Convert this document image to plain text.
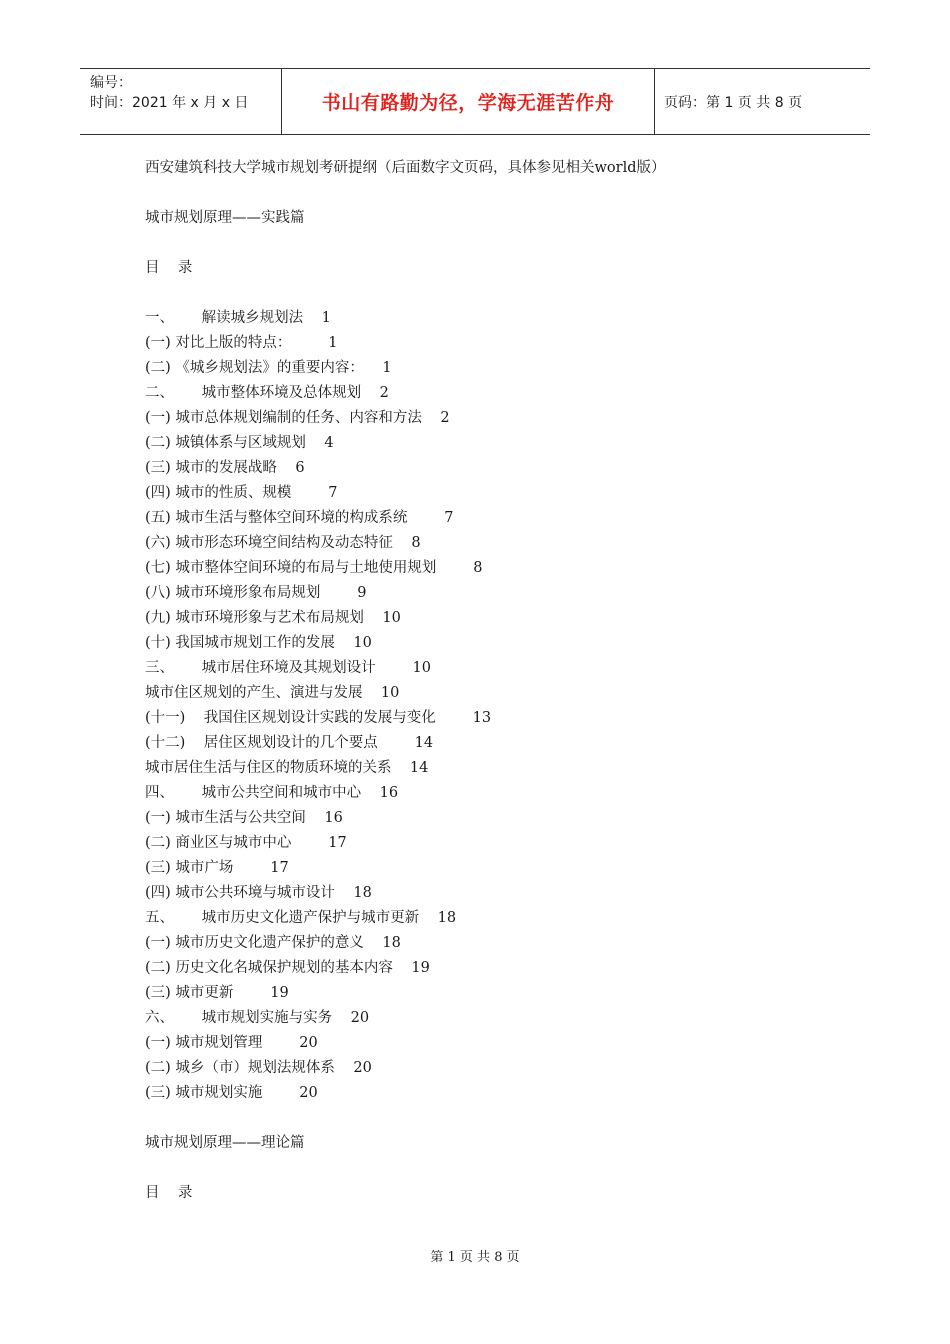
编号：
时间：2021 年 x 月 x 日	书山有路勤为径，学海无涯苦作舟	页码：第 1 页 共 8 页
西安建筑科技大学城市规划考研提纲（后面数字文页码，具体参见相关world版）
城市规划原理——实践篇
目    录
一、      解读城乡规划法    1
(一) 对比上版的特点：        1
(二) 《城乡规划法》的重要内容：    1
二、      城市整体环境及总体规划    2
(一) 城市总体规划编制的任务、内容和方法    2
(二) 城镇体系与区域规划    4
(三) 城市的发展战略    6
(四) 城市的性质、规模        7
(五) 城市生活与整体空间环境的构成系统        7
(六) 城市形态环境空间结构及动态特征    8
(七) 城市整体空间环境的布局与土地使用规划        8
(八) 城市环境形象布局规划        9
(九) 城市环境形象与艺术布局规划    10
(十) 我国城市规划工作的发展    10
三、      城市居住环境及其规划设计        10
城市住区规划的产生、演进与发展    10
(十一)    我国住区规划设计实践的发展与变化        13
(十二)    居住区规划设计的几个要点        14
城市居住生活与住区的物质环境的关系    14
四、      城市公共空间和城市中心    16
(一) 城市生活与公共空间    16
(二) 商业区与城市中心        17
(三) 城市广场        17
(四) 城市公共环境与城市设计    18
五、      城市历史文化遗产保护与城市更新    18
(一) 城市历史文化遗产保护的意义    18
(二) 历史文化名城保护规划的基本内容    19
(三) 城市更新        19
六、      城市规划实施与实务    20
(一) 城市规划管理        20
(二) 城乡（市）规划法规体系    20
(三) 城市规划实施        20
城市规划原理——理论篇
目    录
第 1 页 共 8 页
